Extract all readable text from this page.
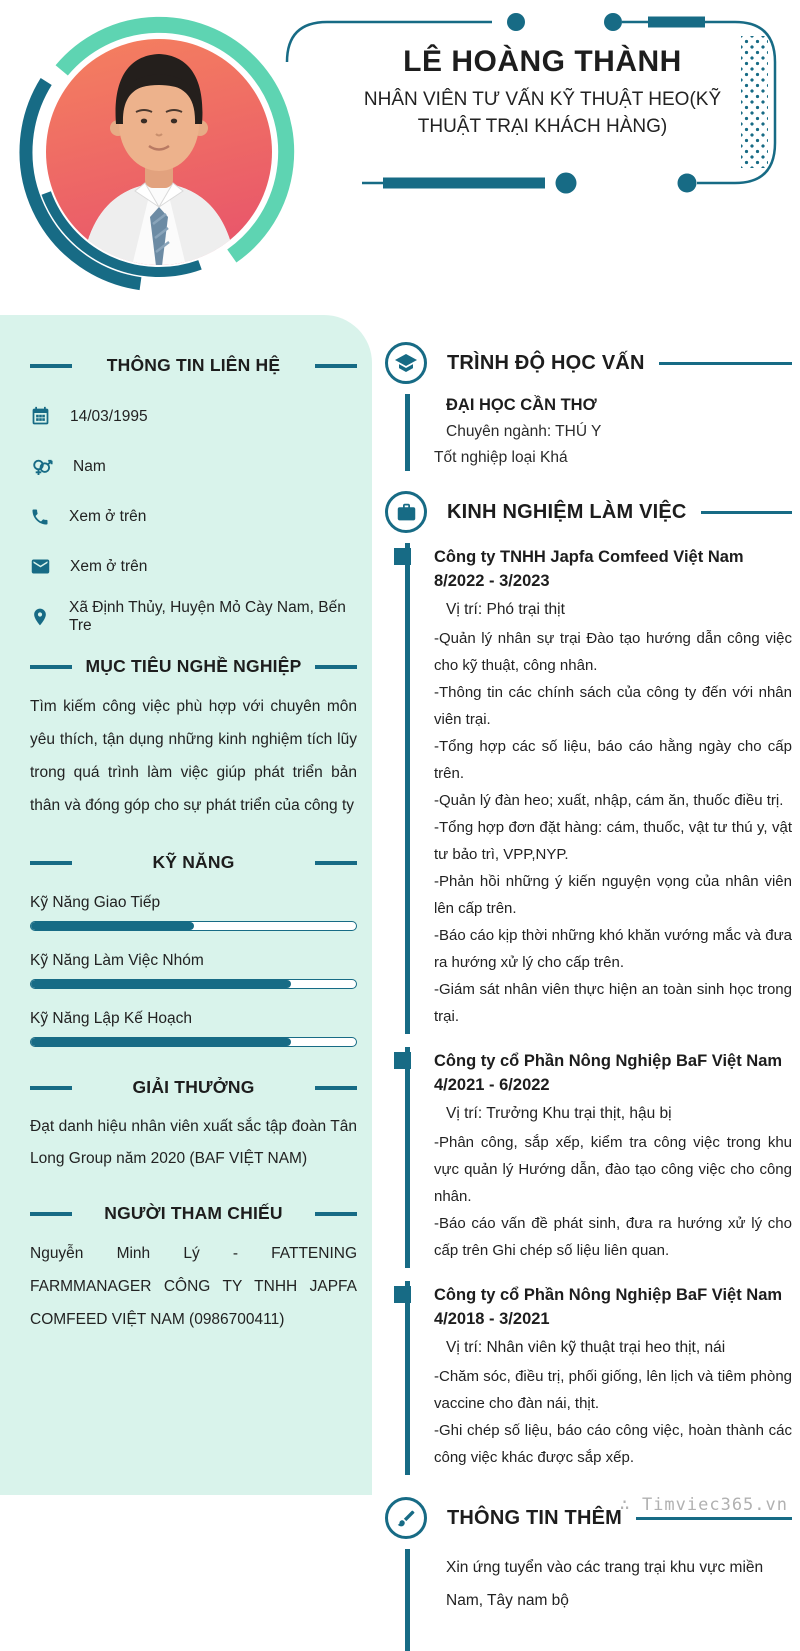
LÊ HOÀNG THÀNH
NHÂN VIÊN TƯ VẤN KỸ THUẬT HEO(KỸ THUẬT TRẠI KHÁCH HÀNG)
THÔNG TIN LIÊN HỆ
14/03/1995
Nam
Xem ở trên
Xem ở trên
Xã Định Thủy, Huyện Mỏ Cày Nam, Bến Tre
MỤC TIÊU NGHỀ NGHIỆP

Tìm kiếm công việc phù hợp với chuyên môn yêu thích, tận dụng những kinh nghiệm tích lũy trong quá trình làm việc giúp phát triển bản thân và đóng góp cho sự phát triển của công ty

KỸ NĂNG
Kỹ Năng Giao Tiếp
Kỹ Năng Làm Việc Nhóm
Kỹ Năng Lập Kế Hoạch
GIẢI THƯỞNG

Đạt danh hiệu nhân viên xuất sắc tập đoàn Tân Long Group năm 2020 (BAF VIỆT NAM)

NGƯỜI THAM CHIẾU

Nguyễn Minh Lý - FATTENING FARMMANAGER CÔNG TY TNHH JAPFA COMFEED VIỆT NAM (0986700411)

TRÌNH ĐỘ HỌC VẤN
ĐẠI HỌC CẦN THƠ
Chuyên ngành: THÚ Y
Tốt nghiệp loại Khá
KINH NGHIỆM LÀM VIỆC
Công ty TNHH Japfa Comfeed Việt Nam
8/2022 - 3/2023
Vị trí: Phó trại thịt

-Quản lý nhân sự trại Đào tạo hướng dẫn công việc cho kỹ thuật, công nhân.

-Thông tin các chính sách của công ty đến với nhân viên trại.

-Tổng hợp các số liệu, báo cáo hằng ngày cho cấp trên.

-Quản lý đàn heo; xuất, nhập, cám ăn, thuốc điều trị.

-Tổng hợp đơn đặt hàng: cám, thuốc, vật tư thú y, vật tư bảo trì, VPP,NYP.

-Phản hồi những ý kiến nguyện vọng của nhân viên lên cấp trên.

-Báo cáo kịp thời những khó khăn vướng mắc và đưa ra hướng xử lý cho cấp trên.

-Giám sát nhân viên thực hiện an toàn sinh học trong trại.

Công ty cổ Phần Nông Nghiệp BaF Việt Nam
4/2021 - 6/2022
Vị trí: Trưởng Khu trại thịt, hậu bị

-Phân công, sắp xếp, kiểm tra công việc trong khu vực quản lý Hướng dẫn, đào tạo công việc cho công nhân.

-Báo cáo vấn đề phát sinh, đưa ra hướng xử lý cho cấp trên Ghi chép số liệu liên quan.

Công ty cổ Phần Nông Nghiệp BaF Việt Nam
4/2018 - 3/2021
Vị trí: Nhân viên kỹ thuật trại heo thịt, nái

-Chăm sóc, điều trị, phối giống, lên lịch và tiêm phòng vaccine cho đàn nái, thịt.

-Ghi chép số liệu, báo cáo công việc, hoàn thành các công việc khác được sắp xếp.

THÔNG TIN THÊM

Xin ứng tuyển vào các trang trại khu vực miền Nam, Tây nam bộ

∴ Timviec365.vn
